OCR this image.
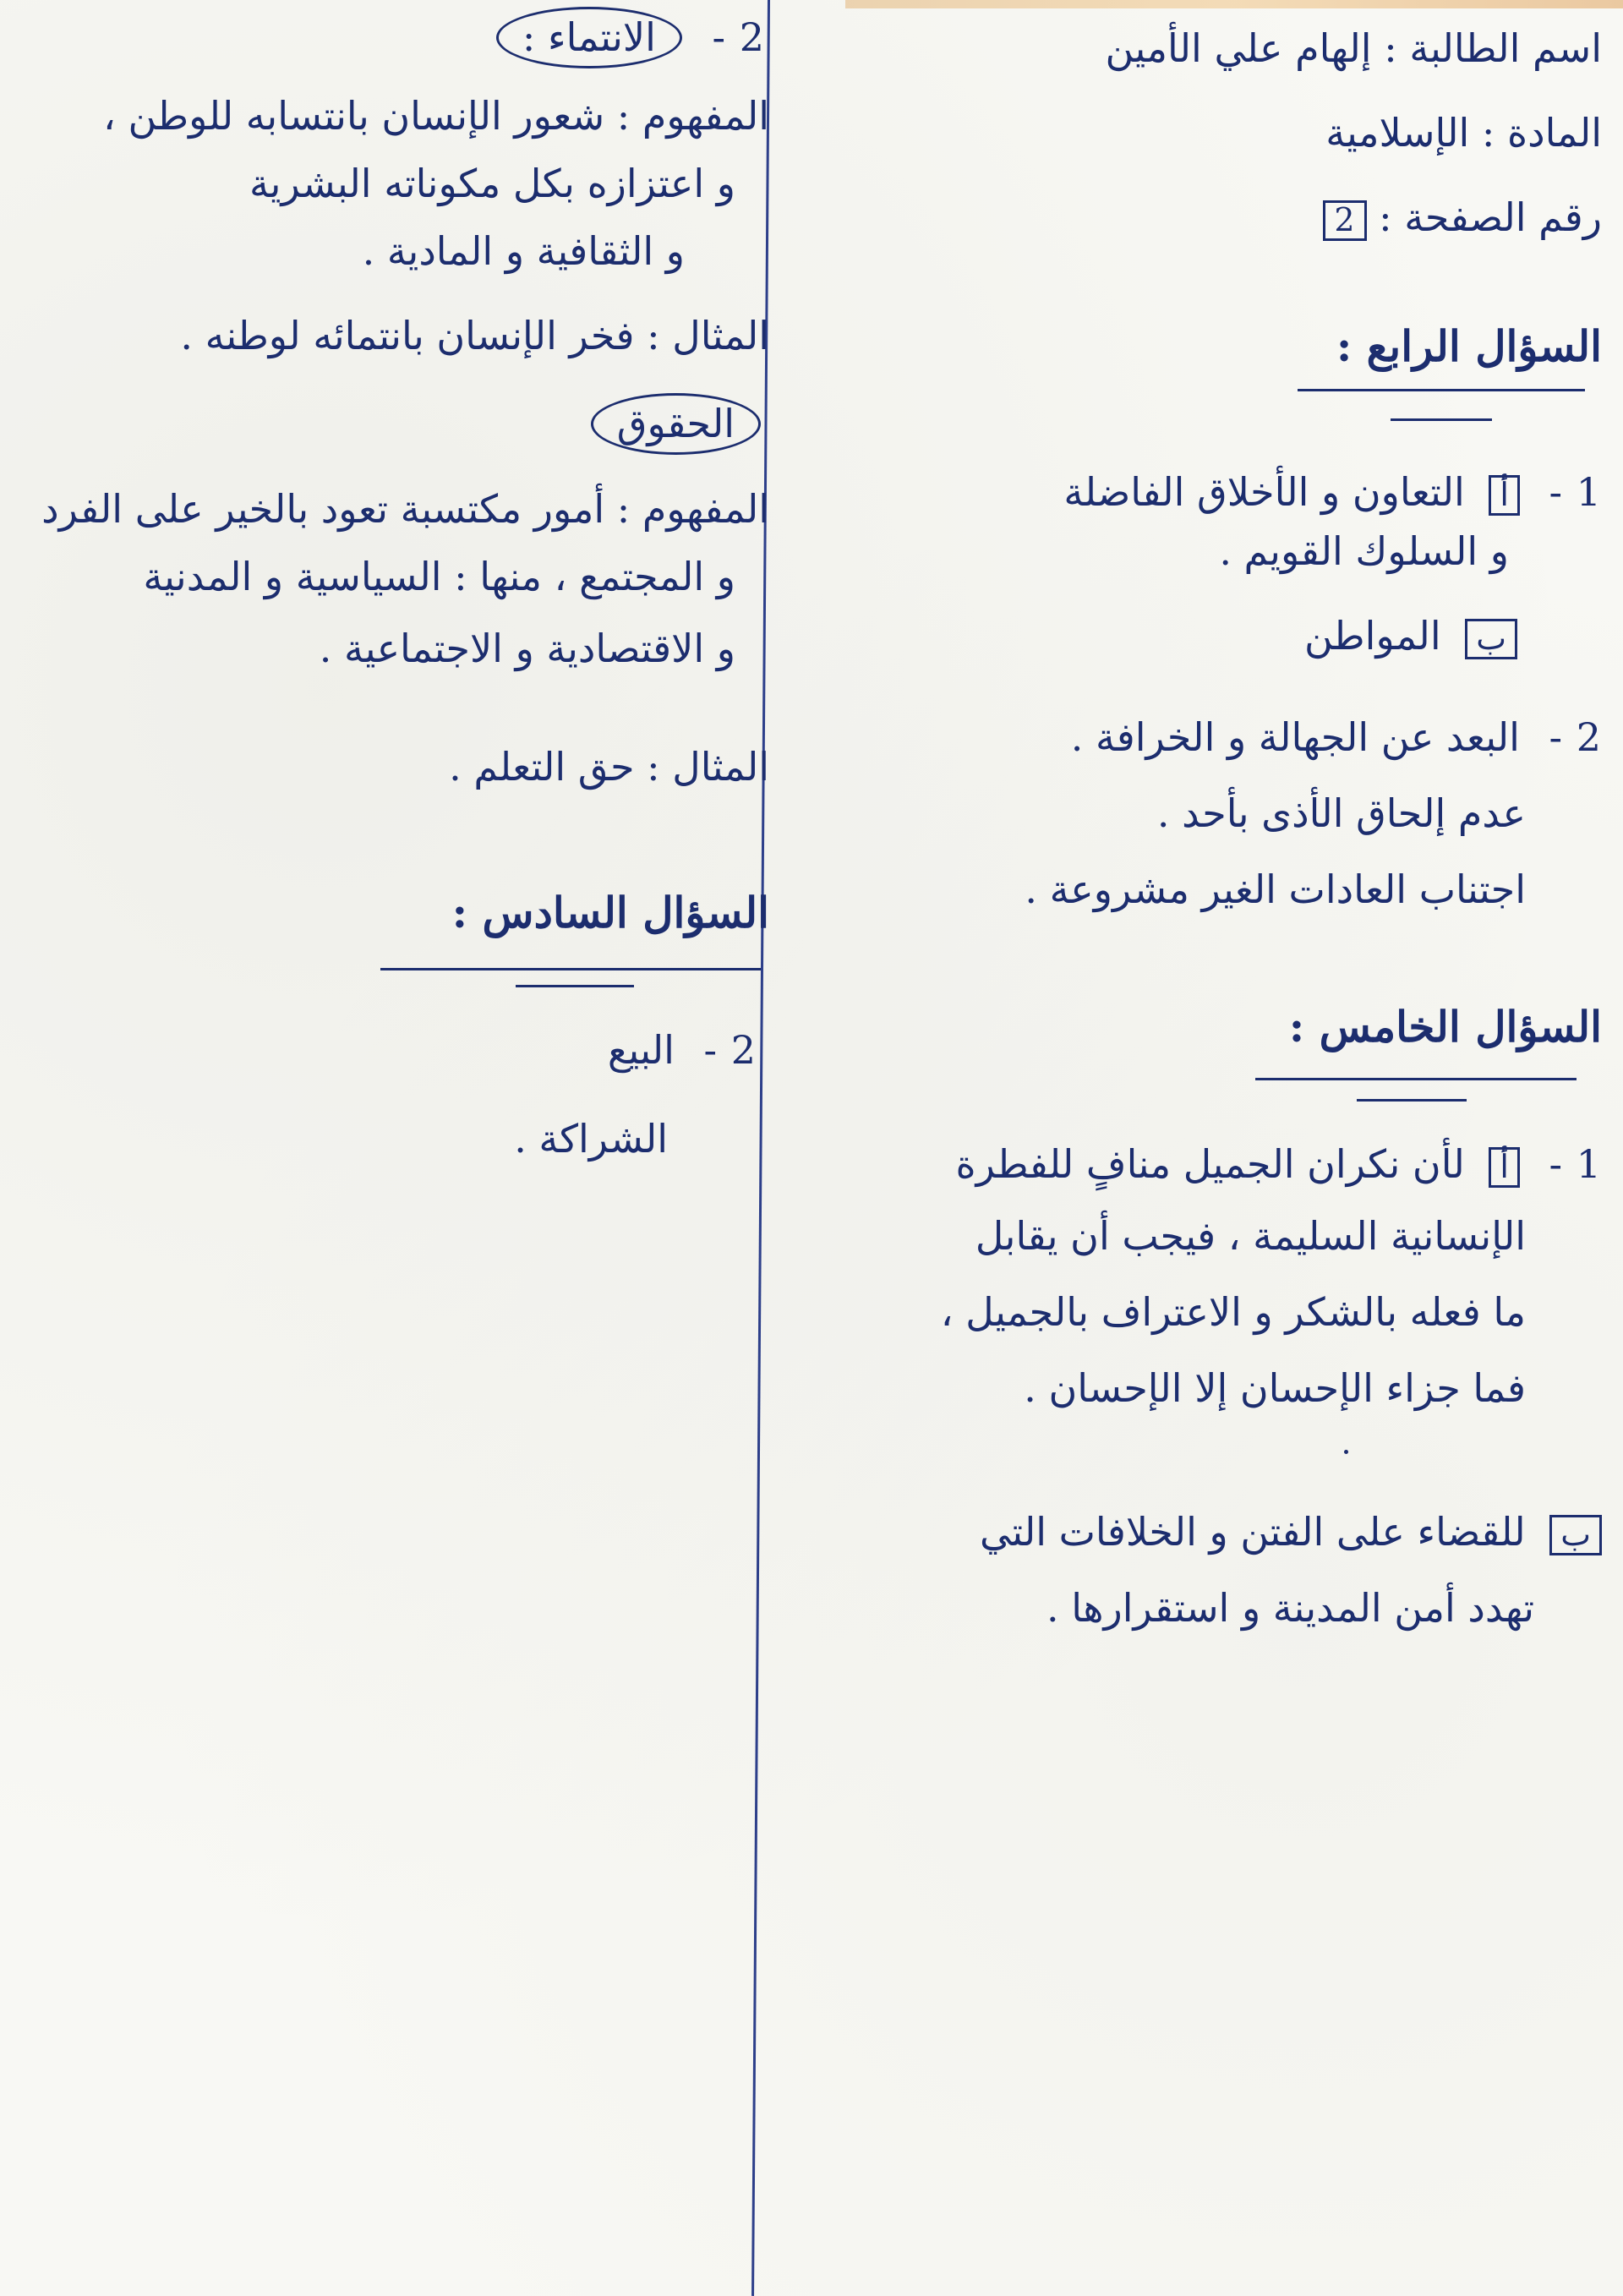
اسم الطالبة : إلهام علي الأمين
المادة : الإسلامية
رقم الصفحة : 2
السؤال الرابع :
1 - أ التعاون و الأخلاق الفاضلة
و السلوك القويم .
ب المواطن
2 - البعد عن الجهالة و الخرافة .
عدم إلحاق الأذى بأحد .
اجتناب العادات الغير مشروعة .
السؤال الخامس :
1 - أ لأن نكران الجميل منافٍ للفطرة
الإنسانية السليمة ، فيجب أن يقابل
ما فعله بالشكر و الاعتراف بالجميل ،
فما جزاء الإحسان إلا الإحسان .
ب للقضاء على الفتن و الخلافات التي
تهدد أمن المدينة و استقرارها .
2 - الانتماء :
المفهوم : شعور الإنسان بانتسابه للوطن ،
و اعتزازه بكل مكوناته البشرية
و الثقافية و المادية .
المثال : فخر الإنسان بانتمائه لوطنه .
الحقوق
المفهوم : أمور مكتسبة تعود بالخير على الفرد
و المجتمع ، منها : السياسية و المدنية
و الاقتصادية و الاجتماعية .
المثال : حق التعلم .
السؤال السادس :
2 - البيع
الشراكة .
